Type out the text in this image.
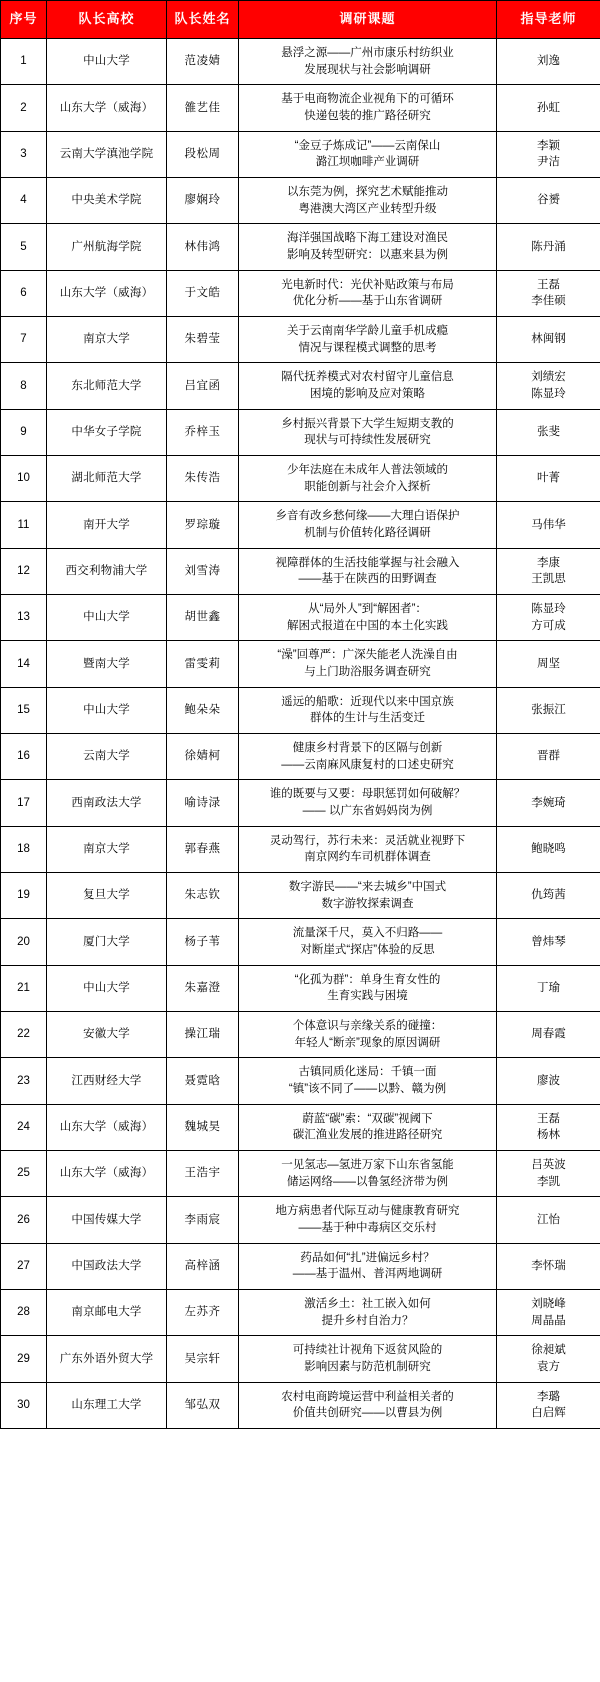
序号	队长高校	队长姓名	调研课题	指导老师
1	中山大学	范凌婧	悬浮之源——广州市康乐村纺织业
发展现状与社会影响调研	刘逸

2	山东大学（威海）	雒艺佳	基于电商物流企业视角下的可循环
快递包装的推广路径研究	孙虹

3	云南大学滇池学院	段松周	“金豆子炼成记”——云南保山
潞江坝咖啡产业调研	李颖
尹洁

4	中央美术学院	廖娴玲	以东莞为例，探究艺术赋能推动
粤港澳大湾区产业转型升级	谷赟

5	广州航海学院	林伟鸿	海洋强国战略下海工建设对渔民
影响及转型研究：以惠来县为例	陈丹涌

6	山东大学（威海）	于文皓	光电新时代：光伏补贴政策与布局
优化分析——基于山东省调研	王磊
李佳硕

7	南京大学	朱碧莹	关于云南南华学龄儿童手机成瘾
情况与课程模式调整的思考	林闽钢

8	东北师范大学	吕宜函	隔代抚养模式对农村留守儿童信息
困境的影响及应对策略	刘绩宏
陈显玲

9	中华女子学院	乔梓玉	乡村振兴背景下大学生短期支教的
现状与可持续性发展研究	张斐

10	湖北师范大学	朱传浩	少年法庭在未成年人普法领域的
职能创新与社会介入探析	叶菁

11	南开大学	罗琮璇	乡音有改乡愁何缘——大理白语保护
机制与价值转化路径调研	马伟华

12	西交利物浦大学	刘雪涛	视障群体的生活技能掌握与社会融入
——基于在陕西的田野调查	李康
王凯思

13	中山大学	胡世鑫	从“局外人”到“解困者”：
解困式报道在中国的本土化实践	陈显玲
方可成

14	暨南大学	雷雯莉	“澡”回尊严：广深失能老人洗澡自由
与上门助浴服务调查研究	周坚

15	中山大学	鲍朵朵	遥远的船歌：近现代以来中国京族
群体的生计与生活变迁	张振江

16	云南大学	徐婧柯	健康乡村背景下的区隔与创新
——云南麻风康复村的口述史研究	晋群

17	西南政法大学	喻诗渌	谁的既要与又要：母职惩罚如何破解？
—— 以广东省妈妈岗为例	李婉琦

18	南京大学	郭春燕	灵动驾行，苏行未来：灵活就业视野下
南京网约车司机群体调查	鲍晓鸣

19	复旦大学	朱志钦	数字游民——“来去城乡”中国式
数字游牧探索调查	仇筠茜

20	厦门大学	杨子苇	流量深千尺，莫入不归路——
对断崖式“探店”体验的反思	曾炜琴

21	中山大学	朱嘉澄	“化孤为群”：单身生育女性的
生育实践与困境	丁瑜

22	安徽大学	操江瑞	个体意识与亲缘关系的碰撞：
年轻人“断亲”现象的原因调研	周春霞

23	江西财经大学	聂霓晗	古镇同质化迷局：千镇一面
“镇”该不同了——以黔、赣为例	廖波

24	山东大学（威海）	魏城昊	蔚蓝“碳”索：“双碳”视阈下
碳汇渔业发展的推进路径研究	王磊
杨林

25	山东大学（威海）	王浩宇	一见氢志—氢进万家下山东省氢能
储运网络——以鲁氢经济带为例	吕英波
李凯

26	中国传媒大学	李雨宸	地方病患者代际互动与健康教育研究
——基于种中毒病区交乐村	江怡

27	中国政法大学	高梓涵	药品如何“扎”进偏远乡村？
——基于温州、普洱两地调研	李怀瑞

28	南京邮电大学	左苏齐	激活乡土：社工嵌入如何
提升乡村自治力？	刘晓峰
周晶晶

29	广东外语外贸大学	吴宗轩	可持续社计视角下返贫风险的
影响因素与防范机制研究	徐昶斌
袁方

30	山东理工大学	邹弘双	农村电商跨境运营中利益相关者的
价值共创研究——以曹县为例	李璐
白启辉
